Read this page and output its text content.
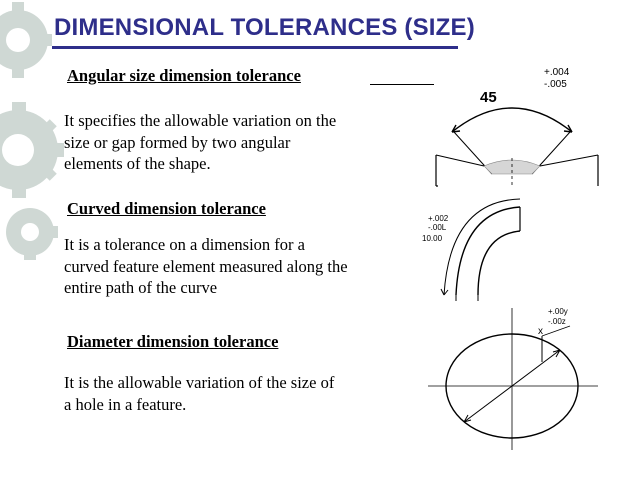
DIMENSIONAL TOLERANCES (SIZE)
Angular size dimension tolerance
It specifies the allowable variation on the
size or gap formed by two angular
elements of the shape.
Curved dimension tolerance
It is a tolerance on a dimension for a
curved feature element measured along the
entire path of the curve
Diameter dimension tolerance
It is the allowable variation of the size of
a hole in a feature.
+.004
-.005
45
+.002
-.00L
10.00
+.00y
-.00z
x
